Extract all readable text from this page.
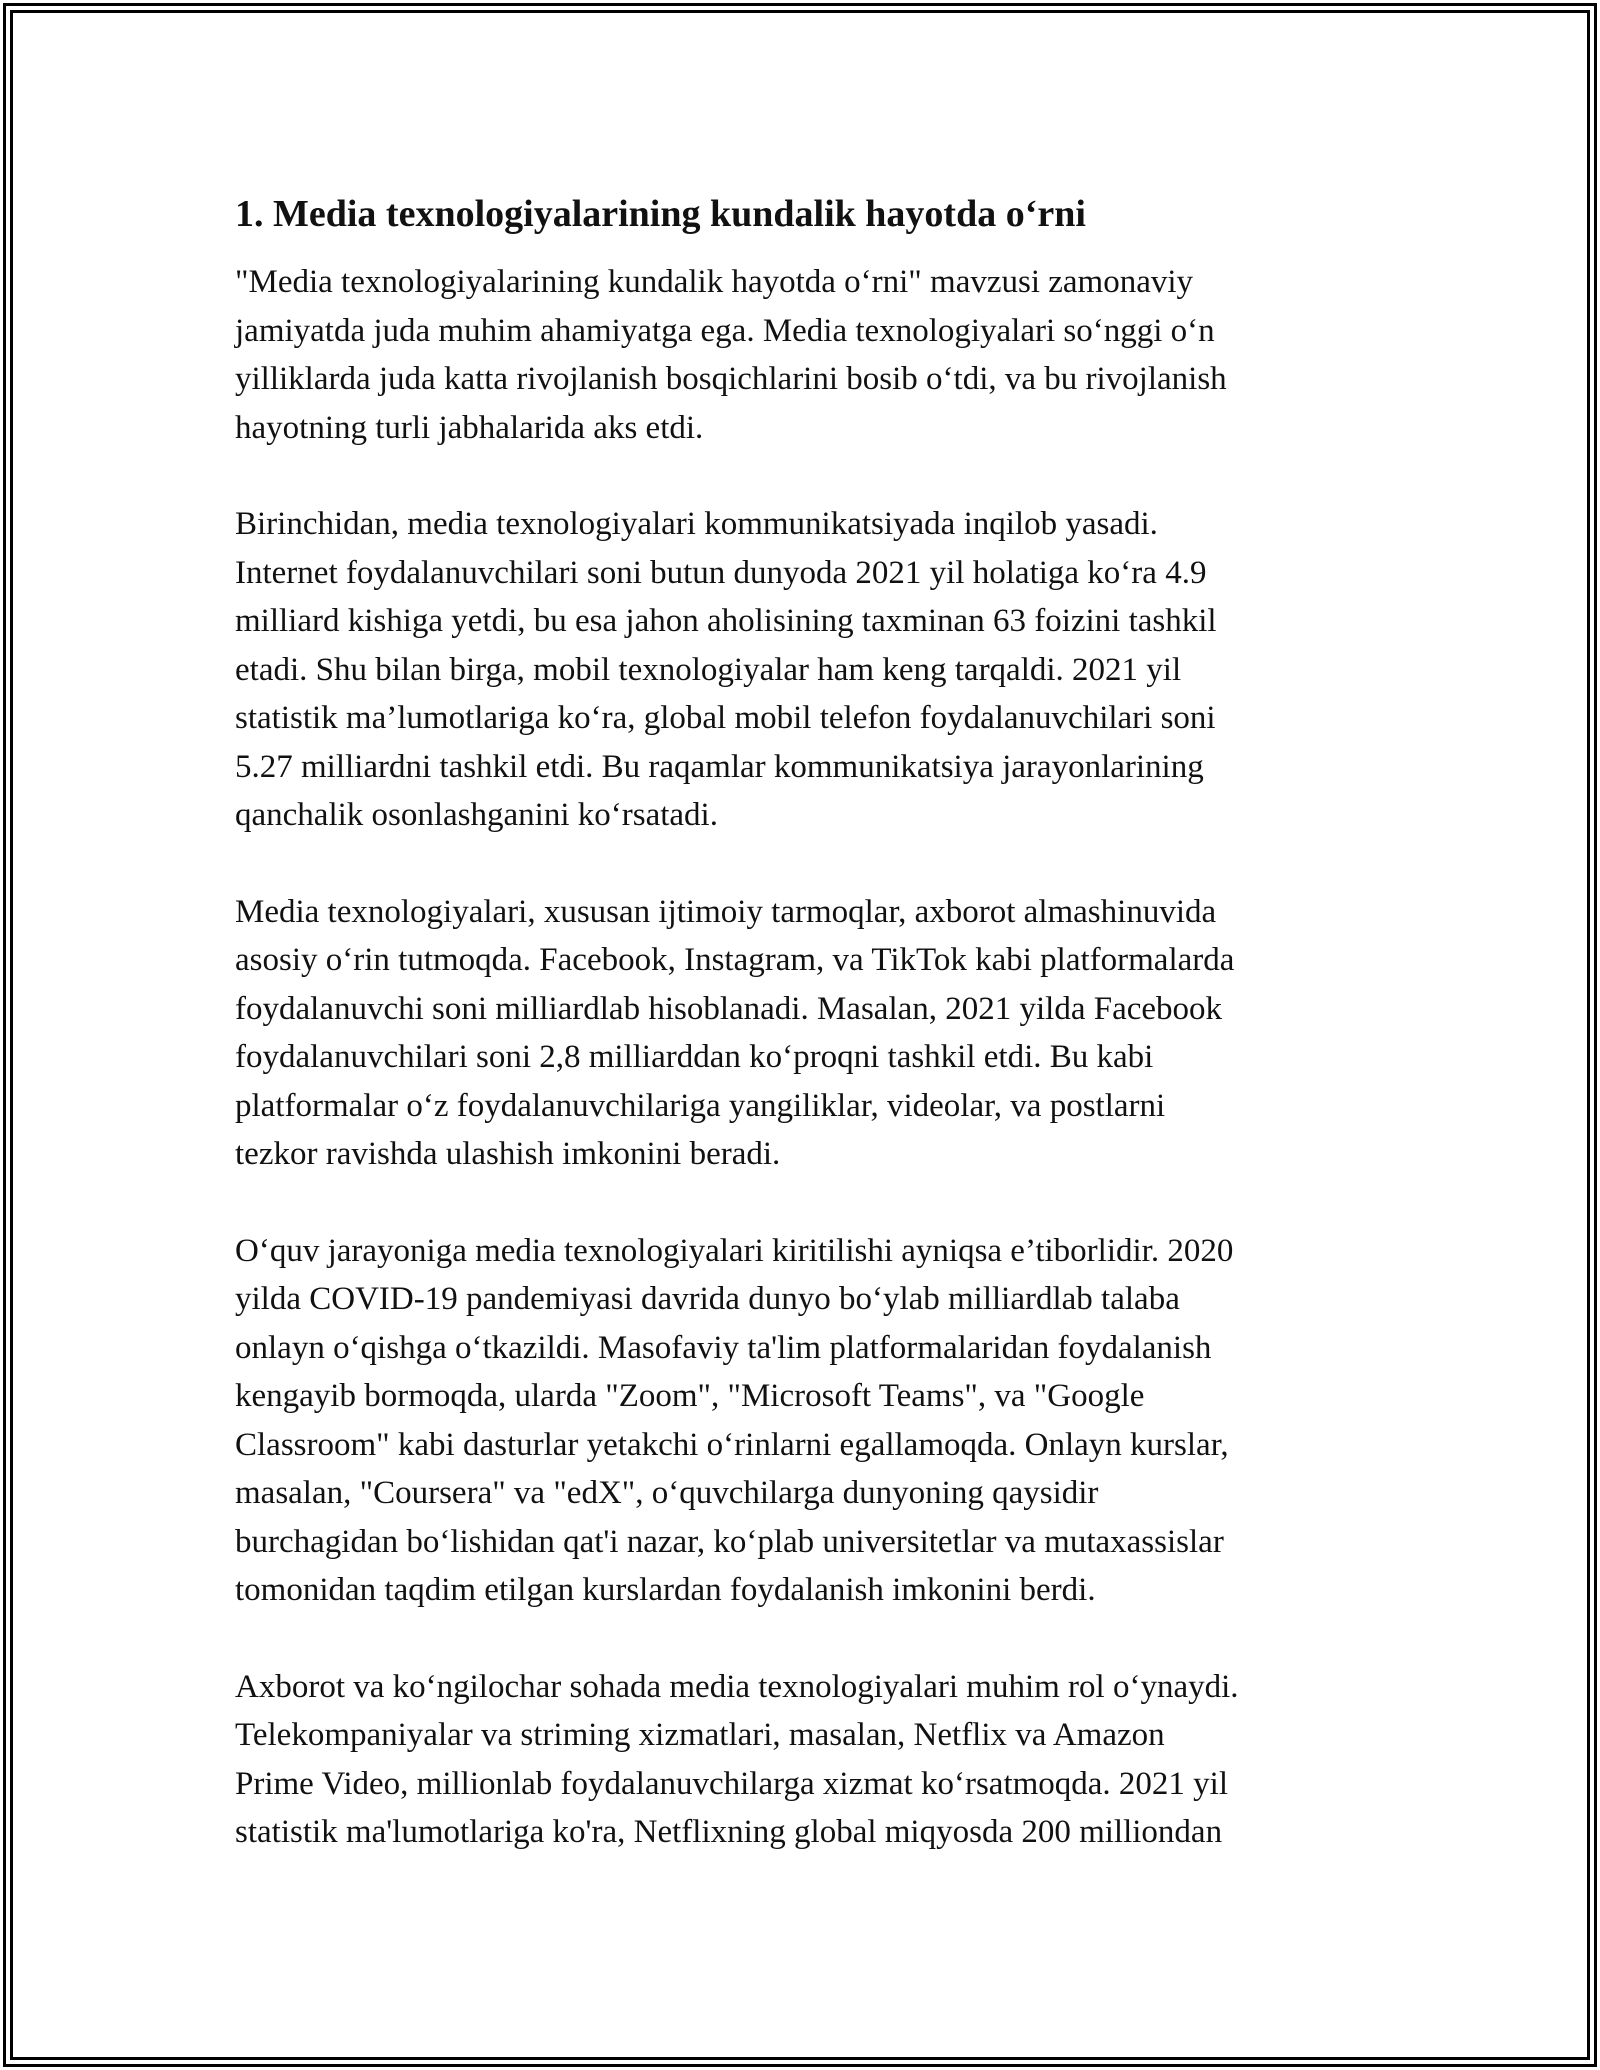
1. Media texnologiyalarining kundalik hayotda o‘rni

"Media texnologiyalarining kundalik hayotda o‘rni" mavzusi zamonaviy
jamiyatda juda muhim ahamiyatga ega. Media texnologiyalari so‘nggi o‘n
yilliklarda juda katta rivojlanish bosqichlarini bosib o‘tdi, va bu rivojlanish
hayotning turli jabhalarida aks etdi.

Birinchidan, media texnologiyalari kommunikatsiyada inqilob yasadi.
Internet foydalanuvchilari soni butun dunyoda 2021 yil holatiga ko‘ra 4.9
milliard kishiga yetdi, bu esa jahon aholisining taxminan 63 foizini tashkil
etadi. Shu bilan birga, mobil texnologiyalar ham keng tarqaldi. 2021 yil
statistik ma’lumotlariga ko‘ra, global mobil telefon foydalanuvchilari soni
5.27 milliardni tashkil etdi. Bu raqamlar kommunikatsiya jarayonlarining
qanchalik osonlashganini ko‘rsatadi.

Media texnologiyalari, xususan ijtimoiy tarmoqlar, axborot almashinuvida
asosiy o‘rin tutmoqda. Facebook, Instagram, va TikTok kabi platformalarda
foydalanuvchi soni milliardlab hisoblanadi. Masalan, 2021 yilda Facebook
foydalanuvchilari soni 2,8 milliarddan ko‘proqni tashkil etdi. Bu kabi
platformalar o‘z foydalanuvchilariga yangiliklar, videolar, va postlarni
tezkor ravishda ulashish imkonini beradi.

O‘quv jarayoniga media texnologiyalari kiritilishi ayniqsa e’tiborlidir. 2020
yilda COVID-19 pandemiyasi davrida dunyo bo‘ylab milliardlab talaba
onlayn o‘qishga o‘tkazildi. Masofaviy ta'lim platformalaridan foydalanish
kengayib bormoqda, ularda "Zoom", "Microsoft Teams", va "Google
Classroom" kabi dasturlar yetakchi o‘rinlarni egallamoqda. Onlayn kurslar,
masalan, "Coursera" va "edX", o‘quvchilarga dunyoning qaysidir
burchagidan bo‘lishidan qat'i nazar, ko‘plab universitetlar va mutaxassislar
tomonidan taqdim etilgan kurslardan foydalanish imkonini berdi.

Axborot va ko‘ngilochar sohada media texnologiyalari muhim rol o‘ynaydi.
Telekompaniyalar va striming xizmatlari, masalan, Netflix va Amazon
Prime Video, millionlab foydalanuvchilarga xizmat ko‘rsatmoqda. 2021 yil
statistik ma'lumotlariga ko'ra, Netflixning global miqyosda 200 milliondan
